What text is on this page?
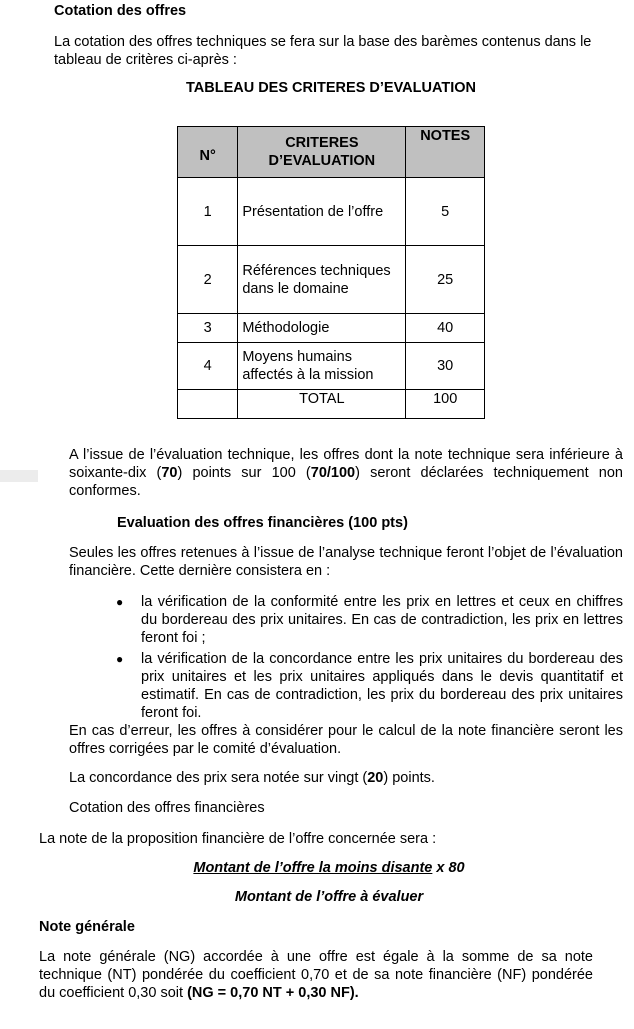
Cotation des offres
La cotation des offres techniques se fera sur la base des barèmes contenus dans le tableau de critères ci-après :
TABLEAU DES CRITERES D’EVALUATION
N°	CRITERES D’EVALUATION	NOTES
1	Présentation de l’offre	5
2	Références techniques dans le domaine	25
3	Méthodologie	40
4	Moyens humains affectés à la mission	30
	TOTAL	100
A l’issue de l’évaluation technique, les offres dont la note technique sera inférieure à soixante-dix (70) points sur 100 (70/100) seront déclarées techniquement non conformes.
Evaluation des offres financières (100 pts)
Seules les offres retenues à l’issue de l’analyse technique feront l’objet de l’évaluation financière. Cette dernière consistera en :
● la vérification de la conformité entre les prix en lettres et ceux en chiffres du bordereau des prix unitaires. En cas de contradiction, les prix en lettres feront foi ;
● la vérification de la concordance entre les prix unitaires du bordereau des prix unitaires et les prix unitaires appliqués dans le devis quantitatif et estimatif. En cas de contradiction, les prix du bordereau des prix unitaires feront foi.
En cas d’erreur, les offres à considérer pour le calcul de la note financière seront les offres corrigées par le comité d’évaluation.
La concordance des prix sera notée sur vingt (20) points.
Cotation des offres financières
La note de la proposition financière de l’offre concernée sera :
Montant de l’offre la moins disante x 80
Montant de l’offre à évaluer
Note générale
La note générale (NG) accordée à une offre est égale à la somme de sa note technique (NT) pondérée du coefficient 0,70 et de sa note financière (NF) pondérée du coefficient 0,30 soit (NG = 0,70 NT + 0,30 NF).
